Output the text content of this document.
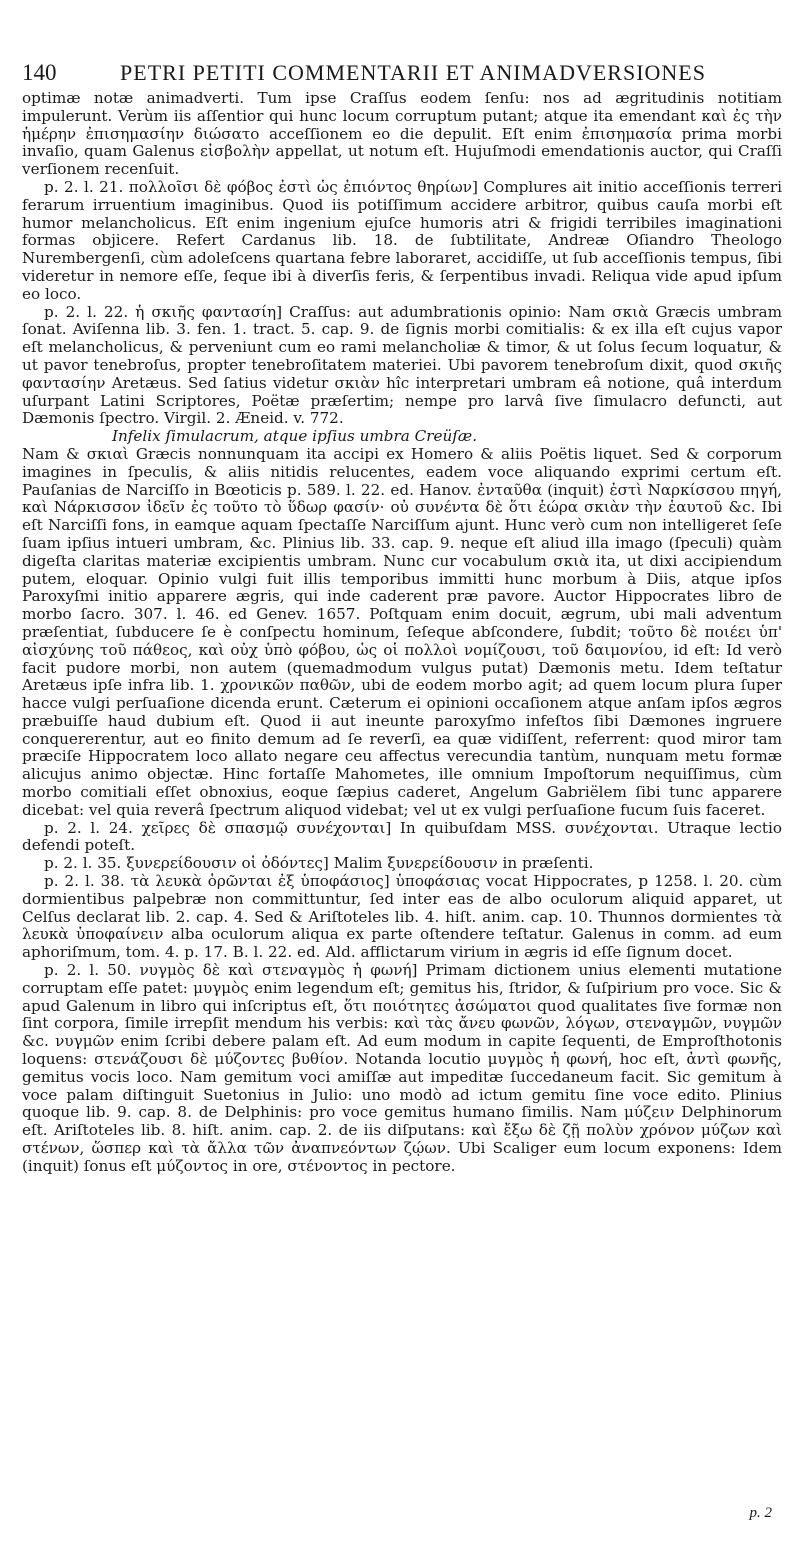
140	PETRI PETITI COMMENTARII ET ANIMADVERSIONES

optimæ notæ animadverti. Tum ipse Craſſus eodem ſenſu: nos ad ægritudinis notitiam impulerunt. Verùm iis aſſentior qui hunc locum corruptum putant; atque ita emendant καὶ ἐς τὴν ἡμέρην ἐπισημασίην διώσατο acceſſionem eo die depulit. Eſt enim ἐπισημασία prima morbi invaſio, quam Galenus εἰσβολὴν appellat, ut notum eſt. Hujuſmodi emendationis auctor, qui Craſſi verſionem recenſuit.

p. 2. l. 21. πολλοῖσι δὲ φόβος ἐστὶ ὡς ἐπιόντος θηρίων] Complures ait initio acceſſionis terreri ferarum irruentium imaginibus. Quod iis potiſſimum accidere arbitror, quibus cauſa morbi eſt humor melancholicus. Eſt enim ingenium ejuſce humoris atri & frigidi terribiles imaginationi formas objicere. Refert Cardanus lib. 18. de ſubtilitate, Andreæ Oſiandro Theologo Nurembergenſi, cùm adoleſcens quartana febre laboraret, accidiſſe, ut ſub acceſſionis tempus, ſibi videretur in nemore eſſe, ſeque ibi à diverſis feris, & ſerpentibus invadi. Reliqua vide apud ipſum eo loco.

p. 2. l. 22. ἡ σκιῆς φαντασίη] Craſſus: aut adumbrationis opinio: Nam σκιὰ Græcis umbram ſonat. Aviſenna lib. 3. fen. 1. tract. 5. cap. 9. de ſignis morbi comitialis: & ex illa eſt cujus vapor eſt melancholicus, & perveniunt cum eo rami melancholiæ & timor, & ut ſolus ſecum loquatur, & ut pavor tenebroſus, propter tenebroſitatem materiei. Ubi pavorem tenebroſum dixit, quod σκιῆς φαντασίην Aretæus. Sed ſatius videtur σκιὰν hîc interpretari umbram eâ notione, quâ interdum uſurpant Latini Scriptores, Poëtæ præſertim; nempe pro larvâ ſive ſimulacro defuncti, aut Dæmonis ſpectro. Virgil. 2. Æneid. v. 772.

Infelix ſimulacrum, atque ipſius umbra Creüſæ.

Nam & σκιαὶ Græcis nonnunquam ita accipi ex Homero & aliis Poëtis liquet. Sed & corporum imagines in ſpeculis, & aliis nitidis relucentes, eadem voce aliquando exprimi certum eſt. Pauſanias de Narciſſo in Bœoticis p. 589. l. 22. ed. Hanov. ἐνταῦθα (inquit) ἐστὶ Ναρκίσσου πηγή, καὶ Νάρκισσον ἰδεῖν ἐς τοῦτο τὸ ὕδωρ φασίν· οὐ συνέντα δὲ ὅτι ἑώρα σκιὰν τὴν ἑαυτοῦ &c. Ibi eſt Narciſſi fons, in eamque aquam ſpectaſſe Narciſſum ajunt. Hunc verò cum non intelligeret ſeſe ſuam ipſius intueri umbram, &c. Plinius lib. 33. cap. 9. neque eſt aliud illa imago (ſpeculi) quàm digeſta claritas materiæ excipientis umbram. Nunc cur vocabulum σκιὰ ita, ut dixi accipiendum putem, eloquar. Opinio vulgi fuit illis temporibus immitti hunc morbum à Diis, atque ipſos Paroxyſmi initio apparere ægris, qui inde caderent præ pavore. Auctor Hippocrates libro de morbo ſacro. 307. l. 46. ed Genev. 1657. Poſtquam enim docuit, ægrum, ubi mali adventum præſentiat, ſubducere ſe è conſpectu hominum, ſeſeque abſcondere, ſubdit; τοῦτο δὲ ποιέει ὑπ' αἰσχύνης τοῦ πάθεος, καὶ οὐχ ὑπὸ φόβου, ὡς οἱ πολλοὶ νομίζουσι, τοῦ δαιμονίου, id eſt: Id verò facit pudore morbi, non autem (quemadmodum vulgus putat) Dæmonis metu. Idem teſtatur Aretæus ipſe infra lib. 1. χρονικῶν παθῶν, ubi de eodem morbo agit; ad quem locum plura ſuper hacce vulgi perſuaſione dicenda erunt. Cæterum ei opinioni occaſionem atque anſam ipſos ægros præbuiſſe haud dubium eſt. Quod ii aut ineunte paroxyſmo infeſtos ſibi Dæmones ingruere conquererentur, aut eo finito demum ad ſe reverſi, ea quæ vidiſſent, referrent: quod miror tam præciſe Hippocratem loco allato negare ceu affectus verecundia tantùm, nunquam metu formæ alicujus animo objectæ. Hinc fortaſſe Mahometes, ille omnium Impoſtorum nequiſſimus, cùm morbo comitiali eſſet obnoxius, eoque ſæpius caderet, Angelum Gabriëlem ſibi tunc apparere dicebat: vel quia reverâ ſpectrum aliquod videbat; vel ut ex vulgi perſuaſione fucum ſuis faceret.

p. 2. l. 24. χεῖρες δὲ σπασμῷ συνέχονται] In quibuſdam MSS. συνέχονται. Utraque lectio defendi poteſt.

p. 2. l. 35. ξυνερείδουσιν οἱ ὀδόντες] Malim ξυνερείδουσιν in præſenti.

p. 2. l. 38. τὰ λευκὰ ὁρῶνται ἐξ ὑποφάσιος] ὑποφάσιας vocat Hippocrates, p 1258. l. 20. cùm dormientibus palpebræ non committuntur, ſed inter eas de albo oculorum aliquid apparet, ut Celſus declarat lib. 2. cap. 4. Sed & Ariſtoteles lib. 4. hiſt. anim. cap. 10. Thunnos dormientes τὰ λευκὰ ὑποφαίνειν alba oculorum aliqua ex parte oſtendere teſtatur. Galenus in comm. ad eum aphoriſmum, tom. 4. p. 17. B. l. 22. ed. Ald. afflictarum virium in ægris id eſſe ſignum docet.

p. 2. l. 50. νυγμὸς δὲ καὶ στεναγμὸς ἡ φωνή] Primam dictionem unius elementi mutatione corruptam eſſe patet: μυγμὸς enim legendum eſt; gemitus his, ſtridor, & ſuſpirium pro voce. Sic & apud Galenum in libro qui inſcriptus eſt, ὅτι ποιότητες ἀσώματοι quod qualitates ſive formæ non ſint corpora, ſimile irrepſit mendum his verbis: καὶ τὰς ἄνευ φωνῶν, λόγων, στεναγμῶν, νυγμῶν &c. νυγμῶν enim ſcribi debere palam eſt. Ad eum modum in capite ſequenti, de Emproſthotonis loquens: στενάζουσι δὲ μύζοντες βυθίον. Notanda locutio μυγμὸς ἡ φωνή, hoc eſt, ἀντὶ φωνῆς, gemitus vocis loco. Nam gemitum voci amiſſæ aut impeditæ ſuccedaneum facit. Sic gemitum à voce palam diſtinguit Suetonius in Julio: uno modò ad ictum gemitu ſine voce edito. Plinius quoque lib. 9. cap. 8. de Delphinis: pro voce gemitus humano ſimilis. Nam μύζειν Delphinorum eſt. Ariſtoteles lib. 8. hiſt. anim. cap. 2. de iis diſputans: καὶ ἔξω δὲ ζῇ πολὺν χρόνον μύζων καὶ στένων, ὥσπερ καὶ τὰ ἄλλα τῶν ἀναπνεόντων ζῴων. Ubi Scaliger eum locum exponens: Idem (inquit) ſonus eſt μύζοντος in ore, στένοντος in pectore.

p. 2
